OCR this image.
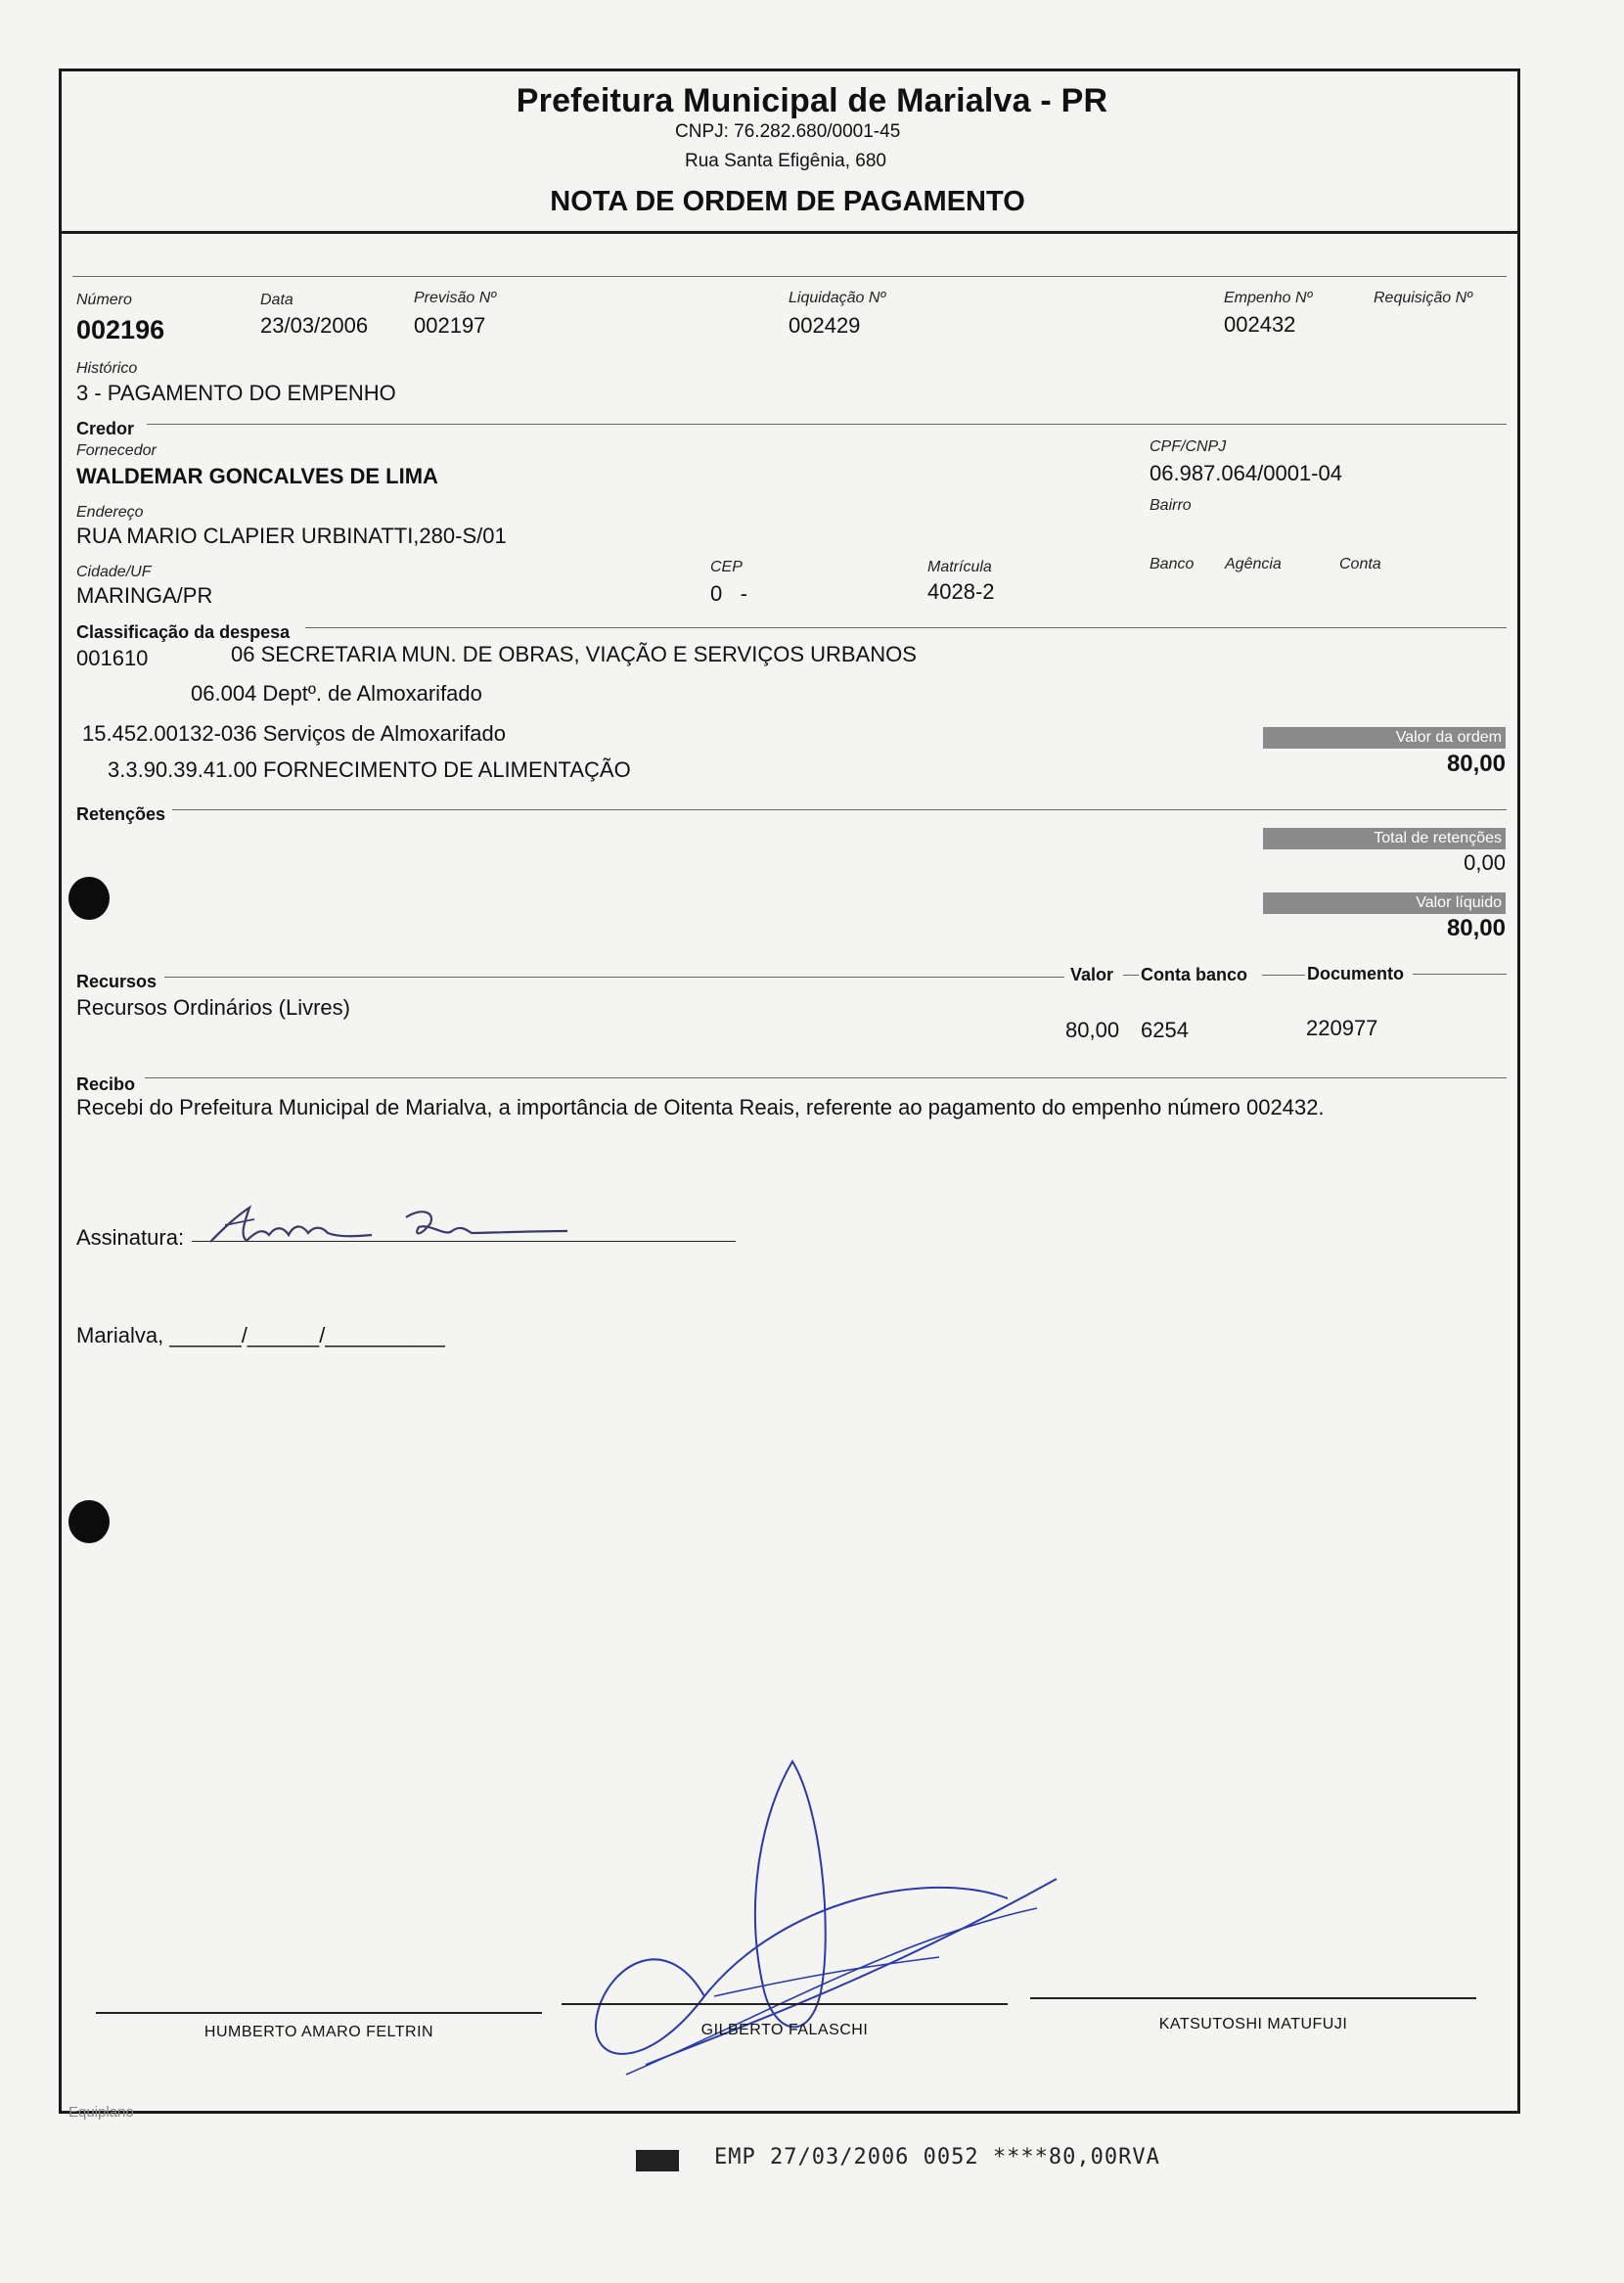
Prefeitura Municipal de Marialva - PR
CNPJ: 76.282.680/0001-45
Rua Santa Efigênia, 680
NOTA DE ORDEM DE PAGAMENTO
Número
002196
Data
23/03/2006
Previsão Nº
002197
Liquidação Nº
002429
Empenho Nº
002432
Requisição Nº
Histórico
3 - PAGAMENTO DO EMPENHO
Credor
Fornecedor
WALDEMAR GONCALVES DE LIMA
CPF/CNPJ
06.987.064/0001-04
Endereço
RUA MARIO CLAPIER URBINATTI,280-S/01
Bairro
Cidade/UF
MARINGA/PR
CEP
0   -
Matrícula
4028-2
Banco Agência	Conta
Classificação da despesa
001610	06 SECRETARIA MUN. DE OBRAS, VIAÇÃO E SERVIÇOS URBANOS
06.004 Deptº. de Almoxarifado
15.452.00132-036 Serviços de Almoxarifado
3.3.90.39.41.00 FORNECIMENTO DE ALIMENTAÇÃO
Valor da ordem
80,00
Retenções
Total de retenções
0,00
Valor líquido
80,00
Recursos	Valor Conta banco	Documento
Recursos Ordinários (Livres)
80,00 6254	220977
Recibo
Recebi do Prefeitura Municipal de Marialva, a importância de Oitenta Reais, referente ao pagamento do empenho número 002432.
Assinatura:
Marialva, ______/______/__________
HUMBERTO AMARO FELTRIN	GILBERTO FALASCHI	KATSUTOSHI MATUFUJI
Equiplano
EMP 27/03/2006 0052 ****80,00RVA
